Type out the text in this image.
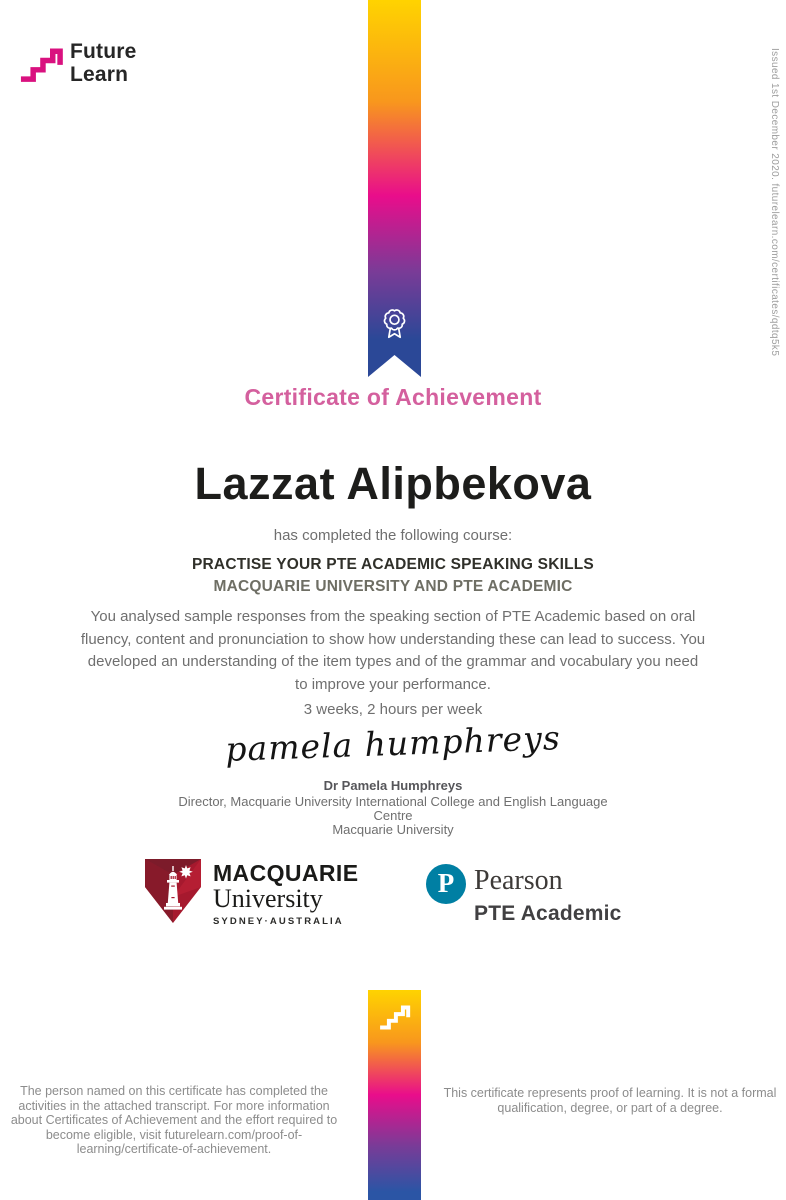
Future
Learn	Issued 1st December 2020. futurelearn.com/certificates/qdtq5k5
Certificate of Achievement
Lazzat Alipbekova
has completed the following course:
PRACTISE YOUR PTE ACADEMIC SPEAKING SKILLS
MACQUARIE UNIVERSITY AND PTE ACADEMIC
You analysed sample responses from the speaking section of PTE Academic based on oral fluency, content and pronunciation to show how understanding these can lead to success. You developed an understanding of the item types and of the grammar and vocabulary you need to improve your performance.
3 weeks, 2 hours per week
pamela humphreys
Dr Pamela Humphreys
Director, Macquarie University International College and English Language
Centre
Macquarie University
MACQUARIE
University
SYDNEY·AUSTRALIA
P Pearson
PTE Academic
The person named on this certificate has completed the activities in the attached transcript. For more information about Certificates of Achievement and the effort required to become eligible, visit futurelearn.com/proof-of-learning/certificate-of-achievement.
This certificate represents proof of learning. It is not a formal qualification, degree, or part of a degree.
